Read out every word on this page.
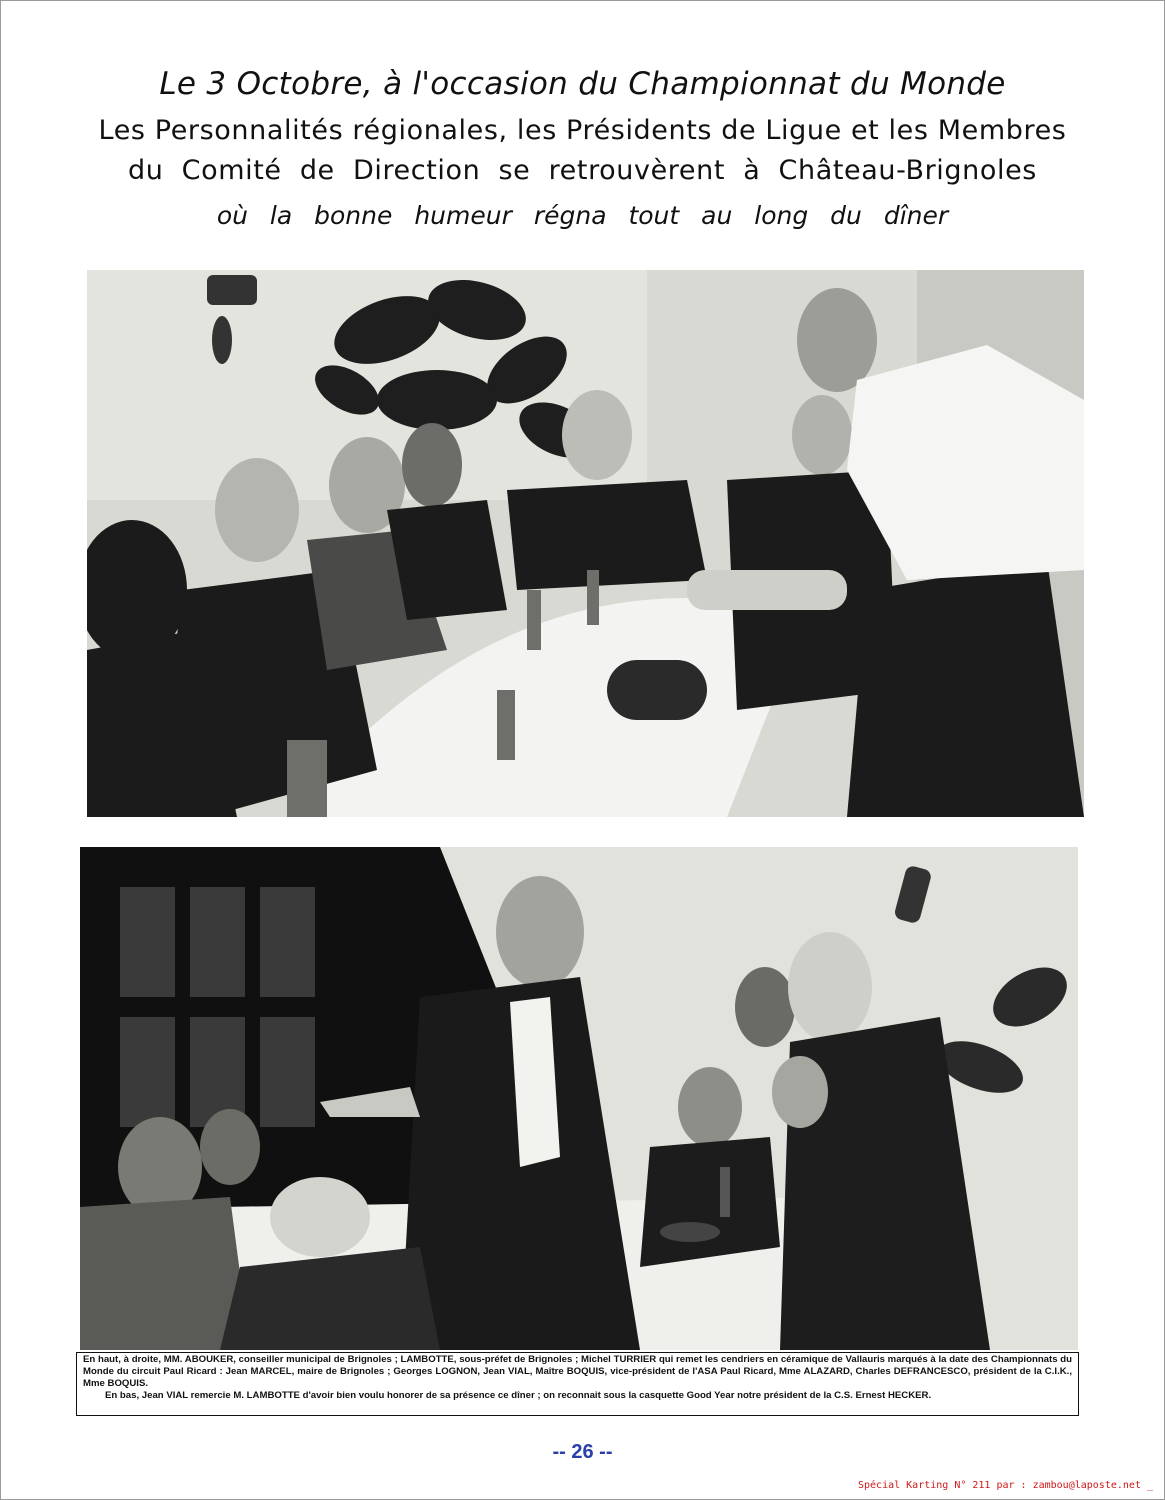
Le 3 Octobre, à l'occasion du Championnat du Monde
Les Personnalités régionales, les Présidents de Ligue et les Membres
du Comité de Direction se retrouvèrent à Château-Brignoles
où la bonne humeur régna tout au long du dîner

En haut, à droite, MM. ABOUKER, conseiller municipal de Brignoles ; LAMBOTTE, sous-préfet de Brignoles ; Michel TURRIER qui remet les cendriers en céramique de Vallauris marqués à la date des Championnats du Monde du circuit Paul Ricard : Jean MARCEL, maire de Brignoles ; Georges LOGNON, Jean VIAL, Maître BOQUIS, vice-président de l'ASA Paul Ricard, Mme ALAZARD, Charles DEFRANCESCO, président de la C.I.K., Mme BOQUIS.

En bas, Jean VIAL remercie M. LAMBOTTE d'avoir bien voulu honorer de sa présence ce dîner ; on reconnait sous la casquette Good Year notre président de la C.S. Ernest HECKER.

-- 26 --
Spécial Karting N° 211 par : zambou@laposte.net _
